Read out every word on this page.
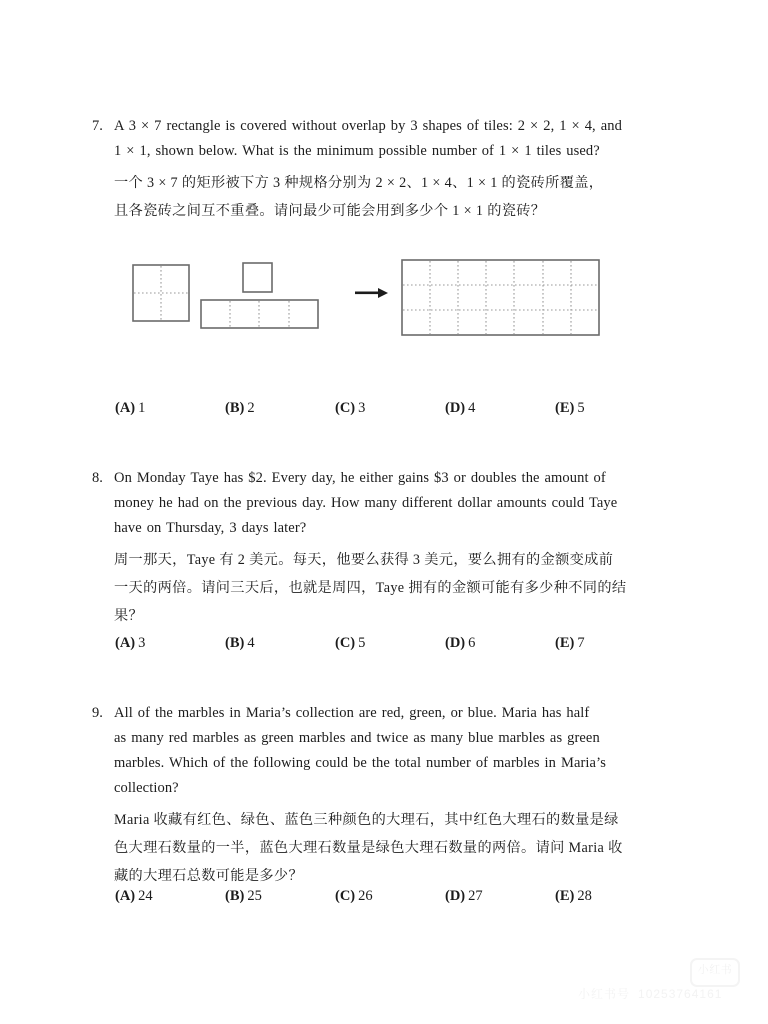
7. A 3 × 7 rectangle is covered without overlap by 3 shapes of tiles: 2 × 2, 1 × 4, and
1 × 1, shown below. What is the minimum possible number of 1 × 1 tiles used?
一个 3 × 7 的矩形被下方 3 种规格分别为 2 × 2、1 × 4、1 × 1 的瓷砖所覆盖，
且各瓷砖之间互不重叠。请问最少可能会用到多少个 1 × 1 的瓷砖？
(A) 1	(B) 2	(C) 3	(D) 4	(E) 5
8. On Monday Taye has $2. Every day, he either gains $3 or doubles the amount of
money he had on the previous day. How many different dollar amounts could Taye
have on Thursday, 3 days later?
周一那天，Taye 有 2 美元。每天，他要么获得 3 美元，要么拥有的金额变成前
一天的两倍。请问三天后，也就是周四，Taye 拥有的金额可能有多少种不同的结
果？
(A) 3	(B) 4	(C) 5	(D) 6	(E) 7
9. All of the marbles in Maria’s collection are red, green, or blue. Maria has half
as many red marbles as green marbles and twice as many blue marbles as green
marbles. Which of the following could be the total number of marbles in Maria’s
collection?
Maria 收藏有红色、绿色、蓝色三种颜色的大理石，其中红色大理石的数量是绿
色大理石数量的一半，蓝色大理石数量是绿色大理石数量的两倍。请问 Maria 收
藏的大理石总数可能是多少？
(A) 24	(B) 25	(C) 26	(D) 27	(E) 28
小红书
小红书号 10253764161
